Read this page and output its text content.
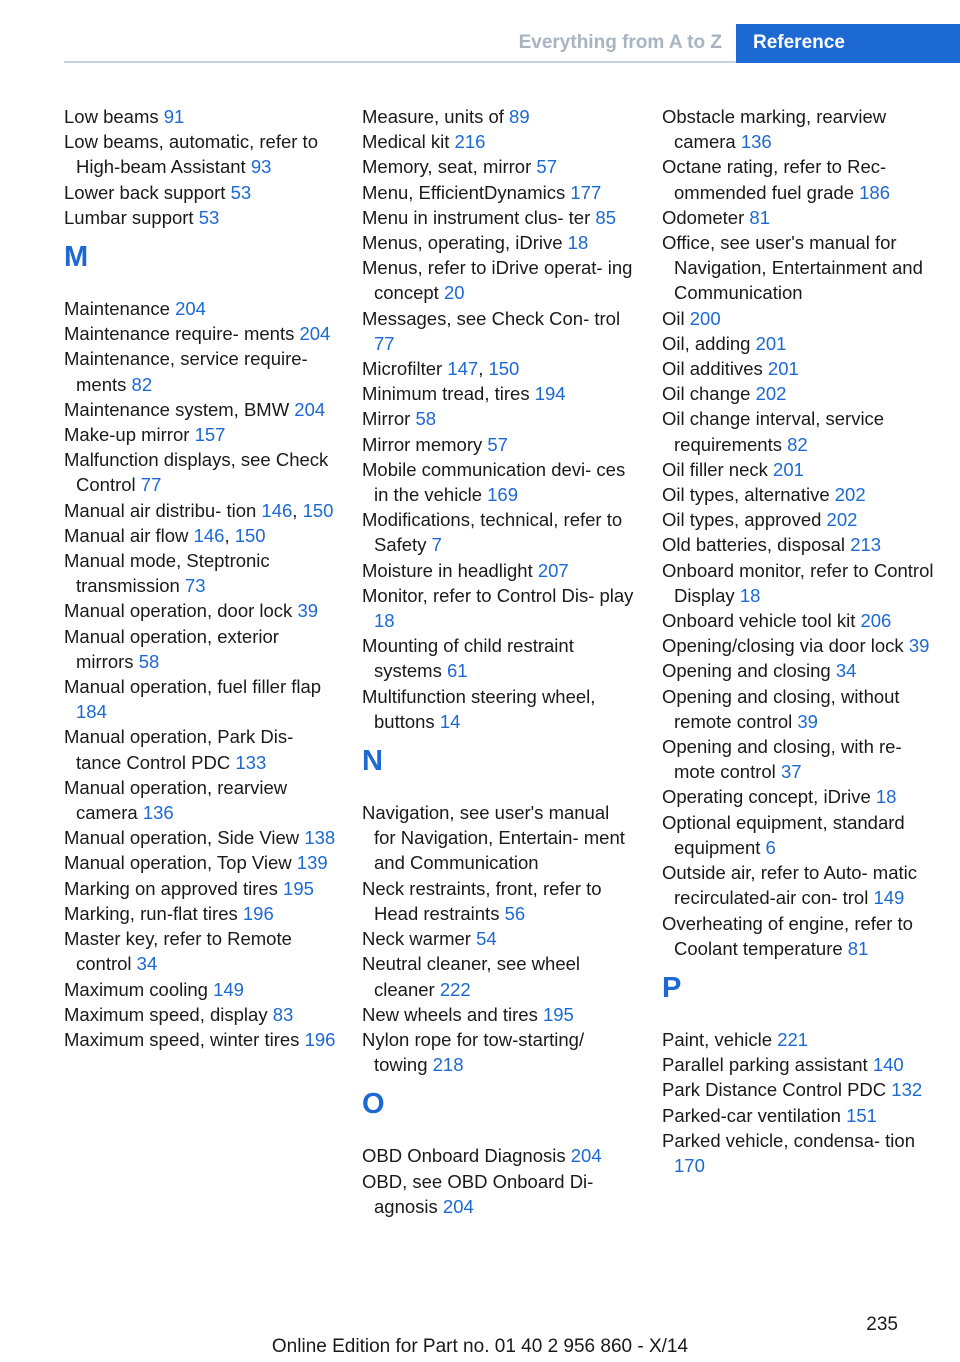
Everything from A to Z	Reference
Low beams 91
Low beams, automatic, refer to High-beam Assistant 93
Lower back support 53
Lumbar support 53
M
Maintenance 204
Maintenance require‐ ments 204
Maintenance, service require‐ ments 82
Maintenance system, BMW 204
Make-up mirror 157
Malfunction displays, see Check Control 77
Manual air distribu‐ tion 146, 150
Manual air flow 146, 150
Manual mode, Steptronic transmission 73
Manual operation, door lock 39
Manual operation, exterior mirrors 58
Manual operation, fuel filler flap 184
Manual operation, Park Dis‐ tance Control PDC 133
Manual operation, rearview camera 136
Manual operation, Side View 138
Manual operation, Top View 139
Marking on approved tires 195
Marking, run-flat tires 196
Master key, refer to Remote control 34
Maximum cooling 149
Maximum speed, display 83
Maximum speed, winter tires 196
Measure, units of 89
Medical kit 216
Memory, seat, mirror 57
Menu, EfficientDynamics 177
Menu in instrument clus‐ ter 85
Menus, operating, iDrive 18
Menus, refer to iDrive operat‐ ing concept 20
Messages, see Check Con‐ trol 77
Microfilter 147, 150
Minimum tread, tires 194
Mirror 58
Mirror memory 57
Mobile communication devi‐ ces in the vehicle 169
Modifications, technical, refer to Safety 7
Moisture in headlight 207
Monitor, refer to Control Dis‐ play 18
Mounting of child restraint systems 61
Multifunction steering wheel, buttons 14
N
Navigation, see user's manual for Navigation, Entertain‐ ment and Communication
Neck restraints, front, refer to Head restraints 56
Neck warmer 54
Neutral cleaner, see wheel cleaner 222
New wheels and tires 195
Nylon rope for tow-starting/ towing 218
O
OBD Onboard Diagnosis 204
OBD, see OBD Onboard Di‐ agnosis 204
Obstacle marking, rearview camera 136
Octane rating, refer to Rec‐ ommended fuel grade 186
Odometer 81
Office, see user's manual for Navigation, Entertainment and Communication
Oil 200
Oil, adding 201
Oil additives 201
Oil change 202
Oil change interval, service requirements 82
Oil filler neck 201
Oil types, alternative 202
Oil types, approved 202
Old batteries, disposal 213
Onboard monitor, refer to Control Display 18
Onboard vehicle tool kit 206
Opening/closing via door lock 39
Opening and closing 34
Opening and closing, without remote control 39
Opening and closing, with re‐ mote control 37
Operating concept, iDrive 18
Optional equipment, standard equipment 6
Outside air, refer to Auto‐ matic recirculated-air con‐ trol 149
Overheating of engine, refer to Coolant temperature 81
P
Paint, vehicle 221
Parallel parking assistant 140
Park Distance Control PDC 132
Parked-car ventilation 151
Parked vehicle, condensa‐ tion 170
235
Online Edition for Part no. 01 40 2 956 860 - X/14
